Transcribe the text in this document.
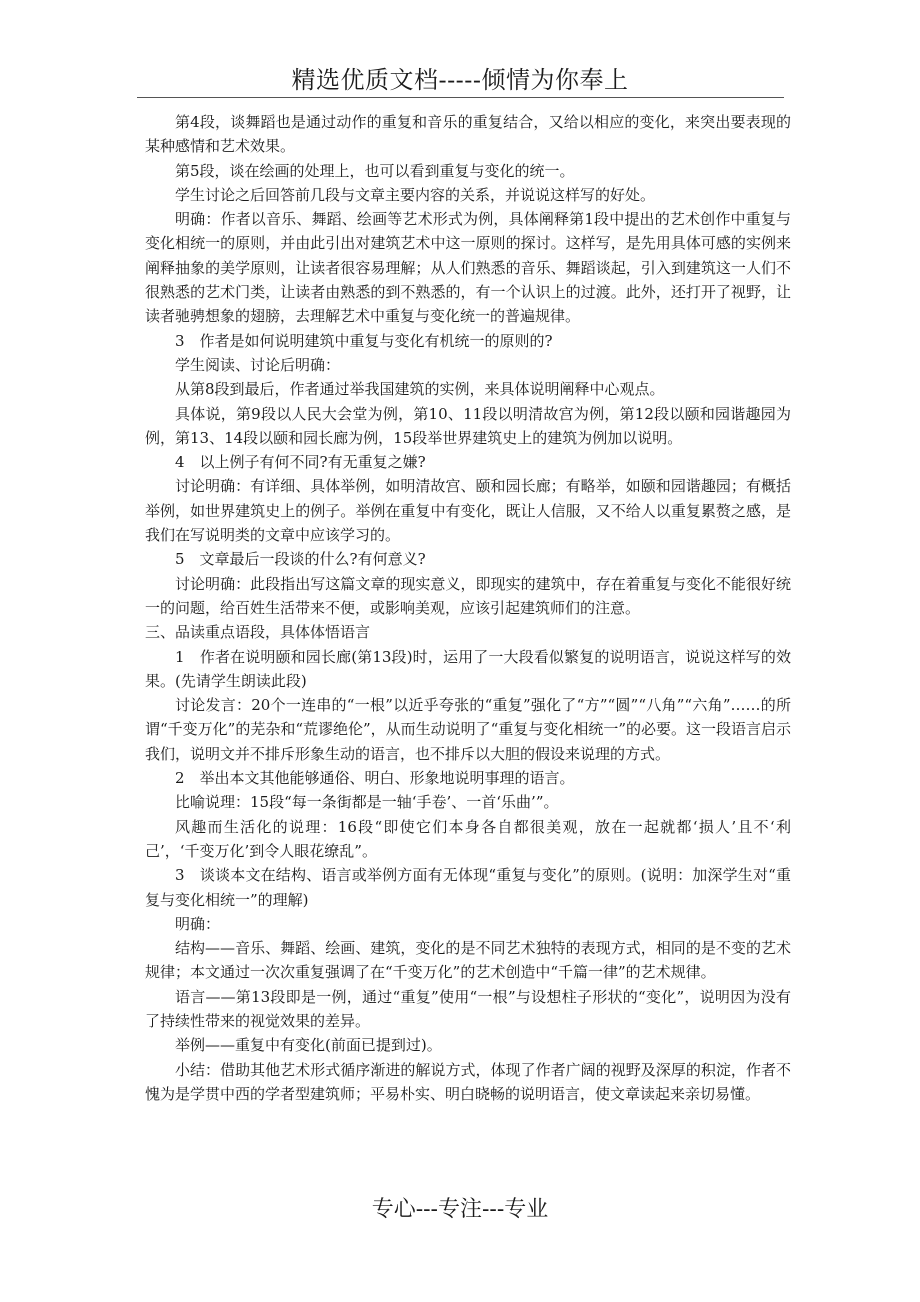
精选优质文档-----倾情为你奉上

第4段，谈舞蹈也是通过动作的重复和音乐的重复结合，又给以相应的变化，来突出要表现的某种感情和艺术效果。

第5段，谈在绘画的处理上，也可以看到重复与变化的统一。

学生讨论之后回答前几段与文章主要内容的关系，并说说这样写的好处。

明确：作者以音乐、舞蹈、绘画等艺术形式为例，具体阐释第1段中提出的艺术创作中重复与变化相统一的原则，并由此引出对建筑艺术中这一原则的探讨。这样写，是先用具体可感的实例来阐释抽象的美学原则，让读者很容易理解；从人们熟悉的音乐、舞蹈谈起，引入到建筑这一人们不很熟悉的艺术门类，让读者由熟悉的到不熟悉的，有一个认识上的过渡。此外，还打开了视野，让读者驰骋想象的翅膀，去理解艺术中重复与变化统一的普遍规律。

3　作者是如何说明建筑中重复与变化有机统一的原则的?

学生阅读、讨论后明确：

从第8段到最后，作者通过举我国建筑的实例，来具体说明阐释中心观点。

具体说，第9段以人民大会堂为例，第10、11段以明清故宫为例，第12段以颐和园谐趣园为例，第13、14段以颐和园长廊为例，15段举世界建筑史上的建筑为例加以说明。

4　以上例子有何不同?有无重复之嫌?

讨论明确：有详细、具体举例，如明清故宫、颐和园长廊；有略举，如颐和园谐趣园；有概括举例，如世界建筑史上的例子。举例在重复中有变化，既让人信服，又不给人以重复累赘之感，是我们在写说明类的文章中应该学习的。

5　文章最后一段谈的什么?有何意义?

讨论明确：此段指出写这篇文章的现实意义，即现实的建筑中，存在着重复与变化不能很好统一的问题，给百姓生活带来不便，或影响美观，应该引起建筑师们的注意。

三、品读重点语段，具体体悟语言

1　作者在说明颐和园长廊(第13段)时，运用了一大段看似繁复的说明语言，说说这样写的效果。(先请学生朗读此段)

讨论发言：20个一连串的“一根”以近乎夸张的“重复”强化了“方”“圆”“八角”“六角”……的所谓“千变万化”的芜杂和“荒谬绝伦”，从而生动说明了“重复与变化相统一”的必要。这一段语言启示我们，说明文并不排斥形象生动的语言，也不排斥以大胆的假设来说理的方式。

2　举出本文其他能够通俗、明白、形象地说明事理的语言。

比喻说理：15段“每一条街都是一轴‘手卷’、一首‘乐曲’”。

风趣而生活化的说理：16段“即使它们本身各自都很美观，放在一起就都‘损人’且不‘利己’，‘千变万化’到令人眼花缭乱”。

3　谈谈本文在结构、语言或举例方面有无体现“重复与变化”的原则。(说明：加深学生对“重复与变化相统一”的理解)

明确：

结构——音乐、舞蹈、绘画、建筑，变化的是不同艺术独特的表现方式，相同的是不变的艺术规律；本文通过一次次重复强调了在“千变万化”的艺术创造中“千篇一律”的艺术规律。

语言——第13段即是一例，通过“重复”使用“一根”与设想柱子形状的“变化”，说明因为没有了持续性带来的视觉效果的差异。

举例——重复中有变化(前面已提到过)。

小结：借助其他艺术形式循序渐进的解说方式，体现了作者广阔的视野及深厚的积淀，作者不愧为是学贯中西的学者型建筑师；平易朴实、明白晓畅的说明语言，使文章读起来亲切易懂。

专心---专注---专业
